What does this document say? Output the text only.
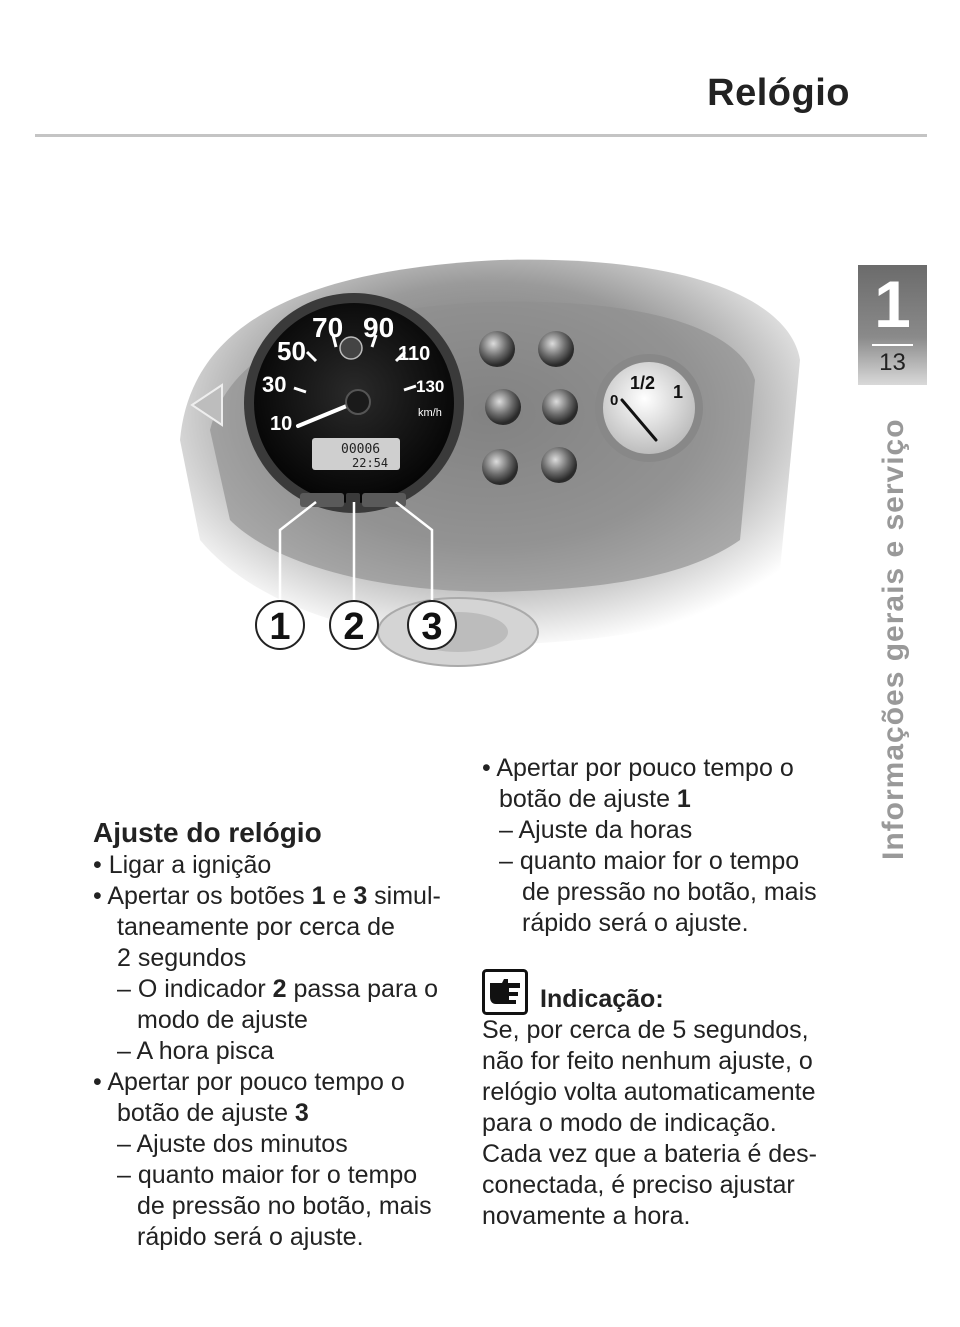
Relógio
1
13
Informações gerais e serviço
10
30
50
70 90
110
130
km/h
00006
22:54
0
1/2 1
1 2 3

Ajuste do relógio

• Ligar a ignição

• Apertar os botões 1 e 3 simul-

taneamente por cerca de

2 segundos

– O indicador 2 passa para o

modo de ajuste

– A hora pisca

• Apertar por pouco tempo o

botão de ajuste 3

– Ajuste dos minutos

– quanto maior for o tempo

de pressão no botão, mais

rápido será o ajuste.

• Apertar por pouco tempo o

botão de ajuste 1

– Ajuste da horas

– quanto maior for o tempo

de pressão no botão, mais

rápido será o ajuste.

Indicação:

Se, por cerca de 5 segundos,

não for feito nenhum ajuste, o

relógio volta automaticamente

para o modo de indicação.

Cada vez que a bateria é des-

conectada, é preciso ajustar

novamente a hora.
